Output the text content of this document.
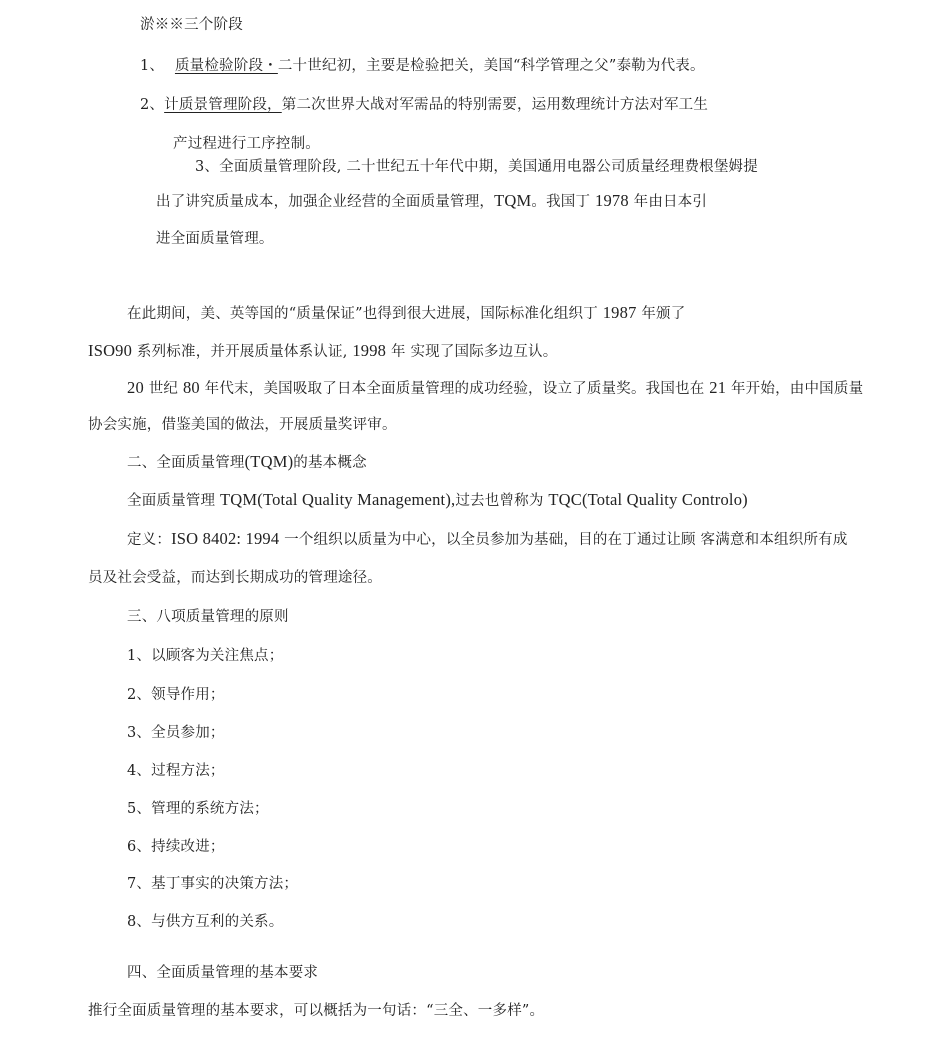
淤※※三个阶段
1、 质量检验阶段・二十世纪初，主要是检验把关，美国“科学管理之父”泰勒为代表。
2、计质景管理阶段，第二次世界大战对军需品的特别需要，运用数理统计方法对军工生
产过程进行工序控制。
3、全面质量管理阶段, 二十世纪五十年代中期，美国通用电器公司质量经理费根堡姆提
出了讲究质量成本，加强企业经营的全面质量管理，TQM。我国丁 1978 年由日本引
进全面质量管理。
在此期间，美、英等国的“质量保证”也得到很大进展，国际标准化组织丁 1987 年颁了
ISO90 系列标准，并开展质量体系认证, 1998 年 实现了国际多边互认。
20 世纪 80 年代末，美国吸取了日本全面质量管理的成功经验，设立了质量奖。我国也在 21 年开始，由中国质量
协会实施，借鉴美国的做法，开展质量奖评审。
二、全面质量管理(TQM)的基本概念
全面质量管理 TQM(Total Quality Management),过去也曾称为 TQC(Total Quality Controlo)
定义：ISO 8402: 1994 一个组织以质量为中心，以全员参加为基础，目的在丁通过让顾 客满意和本组织所有成
员及社会受益，而达到长期成功的管理途径。
三、八项质量管理的原则
1、以顾客为关注焦点；
2、领导作用；
3、全员参加；
4、过程方法；
5、管理的系统方法；
6、持续改进；
7、基丁事实的决策方法；
8、与供方互利的关系。
四、全面质量管理的基本要求
推行全面质量管理的基本要求，可以概括为一句话：“三全、一多样”。
